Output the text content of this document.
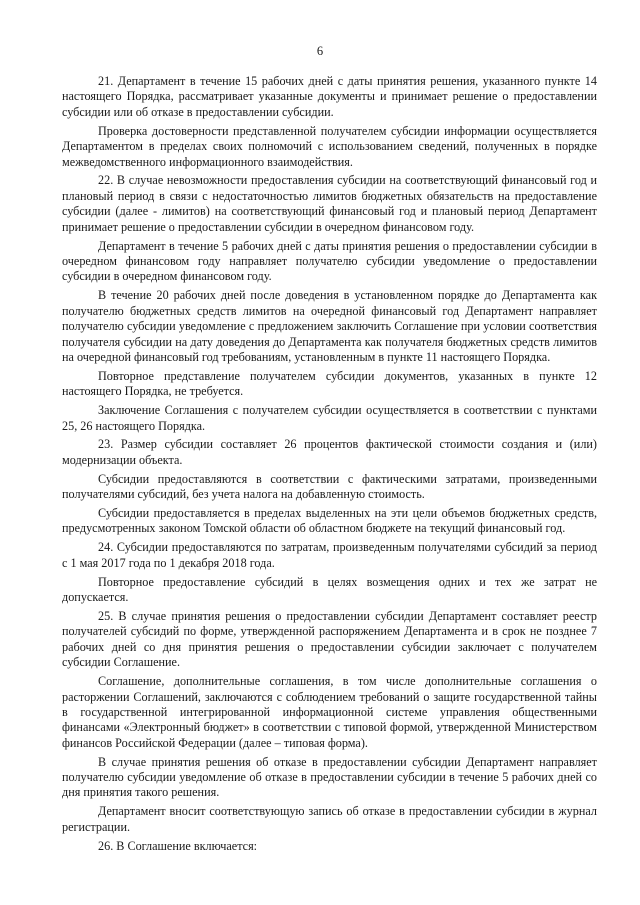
6

21. Департамент в течение 15 рабочих дней с даты принятия решения, указанного пункте 14 настоящего Порядка, рассматривает указанные документы и принимает решение о предоставлении субсидии или об отказе в предоставлении субсидии.

Проверка достоверности представленной получателем субсидии информации осуществляется Департаментом в пределах своих полномочий с использованием сведений, полученных в порядке межведомственного информационного взаимодействия.

22. В случае невозможности предоставления субсидии на соответствующий финансовый год и плановый период в связи с недостаточностью лимитов бюджетных обязательств на предоставление субсидии (далее - лимитов) на соответствующий финансовый год и плановый период Департамент принимает решение о предоставлении субсидии в очередном финансовом году.

Департамент в течение 5 рабочих дней с даты принятия решения о предоставлении субсидии в очередном финансовом году направляет получателю субсидии уведомление о предоставлении субсидии в очередном финансовом году.

В течение 20 рабочих дней после доведения в установленном порядке до Департамента как получателю бюджетных средств лимитов на очередной финансовый год Департамент направляет получателю субсидии уведомление с предложением заключить Соглашение при условии соответствия получателя субсидии на дату доведения до Департамента как получателя бюджетных средств лимитов на очередной финансовый год требованиям, установленным в пункте 11 настоящего Порядка.

Повторное представление получателем субсидии документов, указанных в пункте 12 настоящего Порядка, не требуется.

Заключение Соглашения с получателем субсидии осуществляется в соответствии с пунктами 25, 26 настоящего Порядка.

23. Размер субсидии составляет 26 процентов фактической стоимости создания и (или) модернизации объекта.

Субсидии предоставляются в соответствии с фактическими затратами, произведенными получателями субсидий, без учета налога на добавленную стоимость.

Субсидии предоставляется в пределах выделенных на эти цели объемов бюджетных средств, предусмотренных законом Томской области об областном бюджете на текущий финансовый год.

24. Субсидии предоставляются по затратам, произведенным получателями субсидий за период с 1 мая 2017 года по 1 декабря 2018 года.

Повторное предоставление субсидий в целях возмещения одних и тех же затрат не допускается.

25. В случае принятия решения о предоставлении субсидии Департамент составляет реестр получателей субсидий по форме, утвержденной распоряжением Департамента и в срок не позднее 7 рабочих дней со дня принятия решения о предоставлении субсидии заключает с получателем субсидии Соглашение.

Соглашение, дополнительные соглашения, в том числе дополнительные соглашения о расторжении Соглашений, заключаются с соблюдением требований о защите государственной тайны в государственной интегрированной информационной системе управления общественными финансами «Электронный бюджет» в соответствии с типовой формой, утвержденной Министерством финансов Российской Федерации (далее – типовая форма).

В случае принятия решения об отказе в предоставлении субсидии Департамент направляет получателю субсидии уведомление об отказе в предоставлении субсидии в течение 5 рабочих дней со дня принятия такого решения.

Департамент вносит соответствующую запись об отказе в предоставлении субсидии в журнал регистрации.

26. В Соглашение включается:
